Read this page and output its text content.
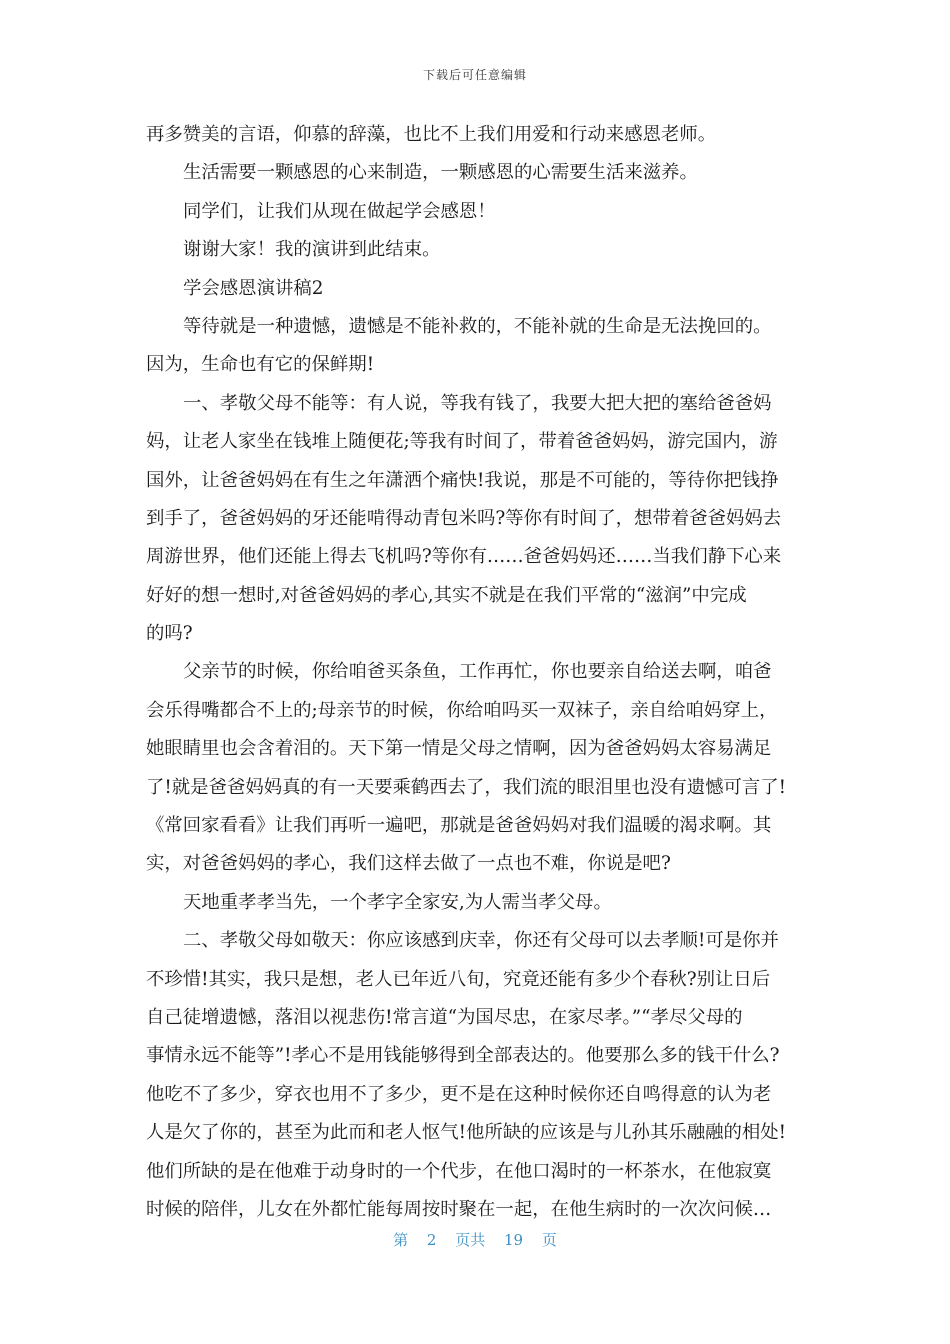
下载后可任意编辑
再多赞美的言语，仰慕的辞藻，也比不上我们用爱和行动来感恩老师。
生活需要一颗感恩的心来制造，一颗感恩的心需要生活来滋养。
同学们，让我们从现在做起学会感恩！
谢谢大家！我的演讲到此结束。
学会感恩演讲稿2
等待就是一种遗憾，遗憾是不能补救的，不能补就的生命是无法挽回的。
因为，生命也有它的保鲜期!
一、孝敬父母不能等：有人说，等我有钱了，我要大把大把的塞给爸爸妈
妈，让老人家坐在钱堆上随便花;等我有时间了，带着爸爸妈妈，游完国内，游
国外，让爸爸妈妈在有生之年潇洒个痛快!我说，那是不可能的，等待你把钱挣
到手了，爸爸妈妈的牙还能啃得动青包米吗?等你有时间了，想带着爸爸妈妈去
周游世界，他们还能上得去飞机吗?等你有……爸爸妈妈还……当我们静下心来
好好的想一想时,对爸爸妈妈的孝心,其实不就是在我们平常的“滋润”中完成
的吗?
父亲节的时候，你给咱爸买条鱼，工作再忙，你也要亲自给送去啊，咱爸
会乐得嘴都合不上的;母亲节的时候，你给咱吗买一双袜子，亲自给咱妈穿上，
她眼睛里也会含着泪的。天下第一情是父母之情啊，因为爸爸妈妈太容易满足
了!就是爸爸妈妈真的有一天要乘鹤西去了，我们流的眼泪里也没有遗憾可言了!
《常回家看看》让我们再听一遍吧，那就是爸爸妈妈对我们温暖的渴求啊。其
实，对爸爸妈妈的孝心，我们这样去做了一点也不难，你说是吧?
天地重孝孝当先，一个孝字全家安,为人需当孝父母。
二、孝敬父母如敬天：你应该感到庆幸，你还有父母可以去孝顺!可是你并
不珍惜!其实，我只是想，老人已年近八旬，究竟还能有多少个春秋?别让日后
自己徒增遗憾，落泪以视悲伤!常言道“为国尽忠，在家尽孝。”“孝尽父母的
事情永远不能等”!孝心不是用钱能够得到全部表达的。他要那么多的钱干什么?
他吃不了多少，穿衣也用不了多少，更不是在这种时候你还自鸣得意的认为老
人是欠了你的，甚至为此而和老人怄气!他所缺的应该是与儿孙其乐融融的相处!
他们所缺的是在他难于动身时的一个代步，在他口渴时的一杯茶水，在他寂寞
时候的陪伴，儿女在外都忙能每周按时聚在一起，在他生病时的一次次问候…
第 2 页共 19 页
